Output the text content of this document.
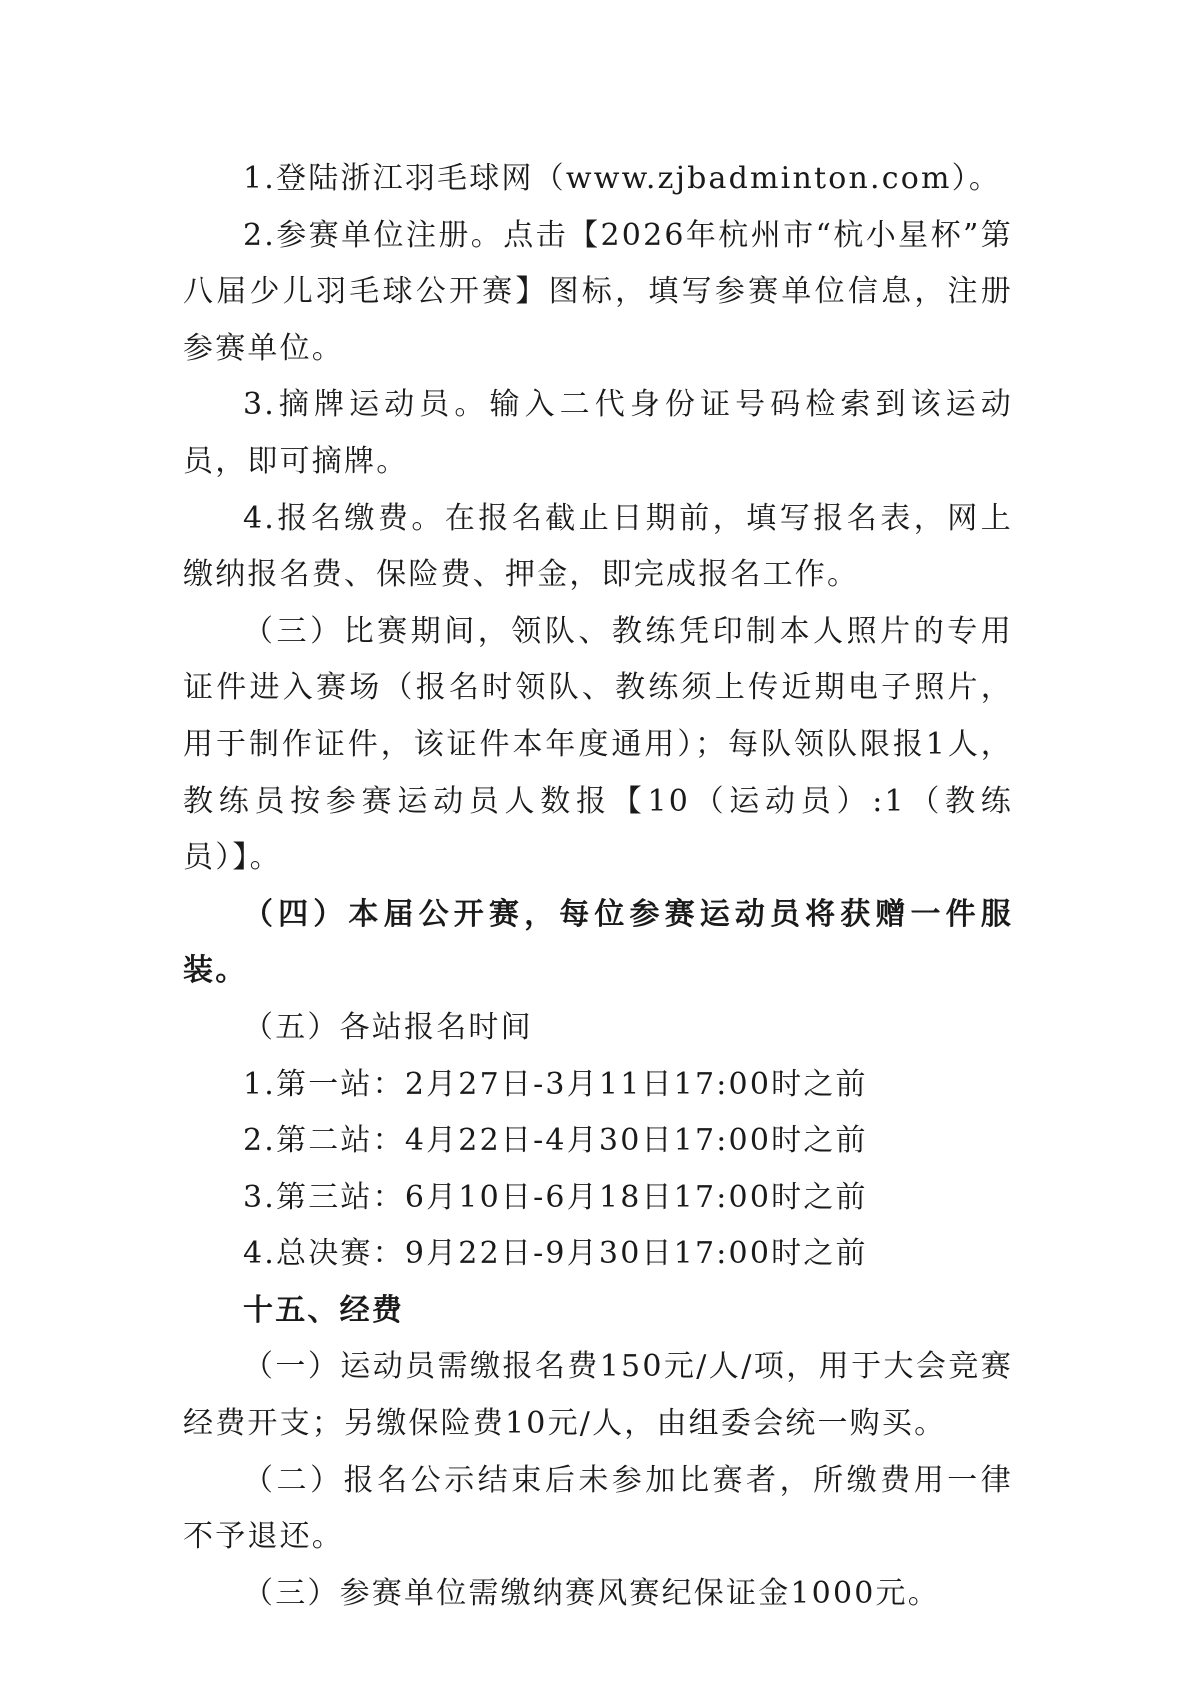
1.登陆浙江羽毛球网（www.zjbadminton.com）。

2.参赛单位注册。点击【2026年杭州市“杭小星杯”第八届少儿羽毛球公开赛】图标，填写参赛单位信息，注册参赛单位。

3.摘牌运动员。输入二代身份证号码检索到该运动员，即可摘牌。

4.报名缴费。在报名截止日期前，填写报名表，网上缴纳报名费、保险费、押金，即完成报名工作。

（三）比赛期间，领队、教练凭印制本人照片的专用证件进入赛场（报名时领队、教练须上传近期电子照片，用于制作证件，该证件本年度通用）；每队领队限报1人，教练员按参赛运动员人数报【10（运动员）:1（教练员）】。

（四）本届公开赛，每位参赛运动员将获赠一件服装。

（五）各站报名时间

1.第一站：2月27日-3月11日17:00时之前

2.第二站：4月22日-4月30日17:00时之前

3.第三站：6月10日-6月18日17:00时之前

4.总决赛：9月22日-9月30日17:00时之前

十五、经费

（一）运动员需缴报名费150元/人/项，用于大会竞赛经费开支；另缴保险费10元/人，由组委会统一购买。

（二）报名公示结束后未参加比赛者，所缴费用一律不予退还。

（三）参赛单位需缴纳赛风赛纪保证金1000元。
